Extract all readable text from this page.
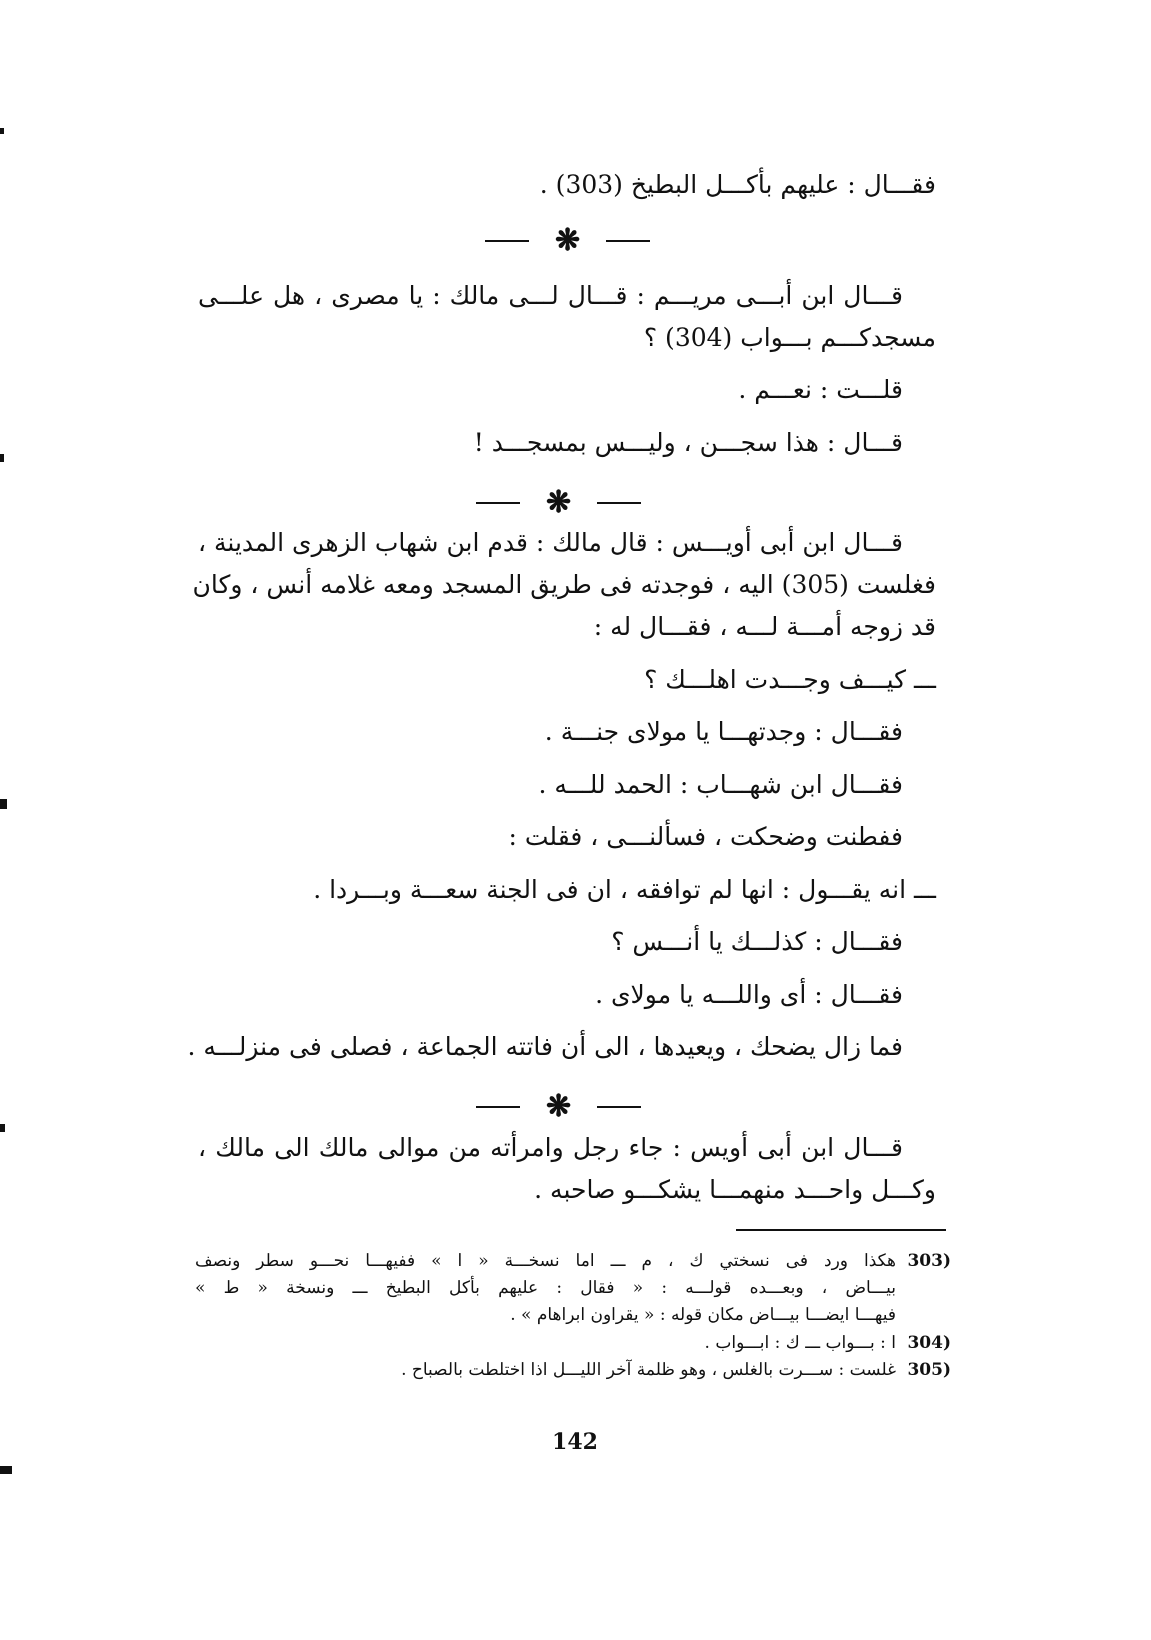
فقـــال : عليهم بأكـــل البطيخ (303) .
❋
قـــال ابن أبـــى مريـــم : قـــال لـــى مالك : يا مصرى ، هل علـــى
مسجدكـــم بـــواب (304) ؟
قلـــت : نعـــم .
قـــال : هذا سجـــن ، وليـــس بمسجـــد !
❋
قـــال ابن أبى أويـــس : قال مالك : قدم ابن شهاب الزهرى المدينة ،
فغلست (305) اليه ، فوجدته فى طريق المسجد ومعه غلامه أنس ، وكان
قد زوجه أمـــة لـــه ، فقـــال له :
ـــ كيـــف وجـــدت اهلـــك ؟
فقـــال : وجدتهـــا يا مولاى جنـــة .
فقـــال ابن شهـــاب : الحمد للـــه .
ففطنت وضحكت ، فسألنـــى ، فقلت :
ـــ انه يقـــول : انها لم توافقه ، ان فى الجنة سعـــة وبـــردا .
فقـــال : كذلـــك يا أنـــس ؟
فقـــال : أى واللـــه يا مولاى .
فما زال يضحك ، ويعيدها ، الى أن فاتته الجماعة ، فصلى فى منزلـــه .
❋
قـــال ابن أبى أويس : جاء رجل وامرأته من موالى مالك الى مالك ،
وكـــل واحـــد منهمـــا يشكـــو صاحبه .
303)
هكذا ورد فى نسختي ك ، م ـــ اما نسخـــة « ا » ففيهـــا نحـــو سطر ونصف
بيـــاض ، وبعـــده قولـــه : « فقال : عليهم بأكل البطيخ ـــ ونسخة « ط »
فيهـــا ايضـــا بيـــاض مكان قوله : « يقراون ابراهام » .
304)
ا : بـــواب ـــ ك : ابـــواب .
305)
غلست : ســـرت بالغلس ، وهو ظلمة آخر الليـــل اذا اختلطت بالصباح .
142
